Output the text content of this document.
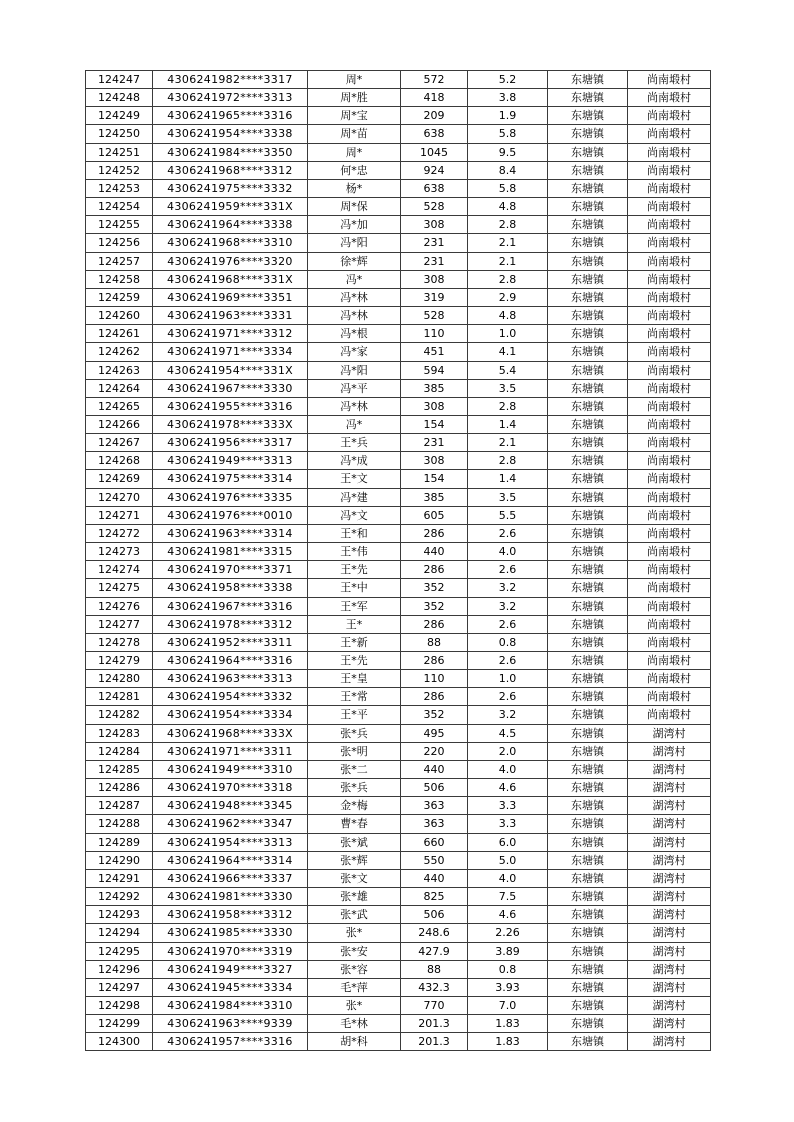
124247	4306241982****3317	周*	572	5.2	东塘镇	尚南塅村
124248	4306241972****3313	周*胜	418	3.8	东塘镇	尚南塅村
124249	4306241965****3316	周*宝	209	1.9	东塘镇	尚南塅村
124250	4306241954****3338	周*苗	638	5.8	东塘镇	尚南塅村
124251	4306241984****3350	周*	1045	9.5	东塘镇	尚南塅村
124252	4306241968****3312	何*忠	924	8.4	东塘镇	尚南塅村
124253	4306241975****3332	杨*	638	5.8	东塘镇	尚南塅村
124254	4306241959****331X	周*保	528	4.8	东塘镇	尚南塅村
124255	4306241964****3338	冯*加	308	2.8	东塘镇	尚南塅村
124256	4306241968****3310	冯*阳	231	2.1	东塘镇	尚南塅村
124257	4306241976****3320	徐*辉	231	2.1	东塘镇	尚南塅村
124258	4306241968****331X	冯*	308	2.8	东塘镇	尚南塅村
124259	4306241969****3351	冯*林	319	2.9	东塘镇	尚南塅村
124260	4306241963****3331	冯*林	528	4.8	东塘镇	尚南塅村
124261	4306241971****3312	冯*根	110	1.0	东塘镇	尚南塅村
124262	4306241971****3334	冯*家	451	4.1	东塘镇	尚南塅村
124263	4306241954****331X	冯*阳	594	5.4	东塘镇	尚南塅村
124264	4306241967****3330	冯*平	385	3.5	东塘镇	尚南塅村
124265	4306241955****3316	冯*林	308	2.8	东塘镇	尚南塅村
124266	4306241978****333X	冯*	154	1.4	东塘镇	尚南塅村
124267	4306241956****3317	王*兵	231	2.1	东塘镇	尚南塅村
124268	4306241949****3313	冯*成	308	2.8	东塘镇	尚南塅村
124269	4306241975****3314	王*文	154	1.4	东塘镇	尚南塅村
124270	4306241976****3335	冯*建	385	3.5	东塘镇	尚南塅村
124271	4306241976****0010	冯*文	605	5.5	东塘镇	尚南塅村
124272	4306241963****3314	王*和	286	2.6	东塘镇	尚南塅村
124273	4306241981****3315	王*伟	440	4.0	东塘镇	尚南塅村
124274	4306241970****3371	王*先	286	2.6	东塘镇	尚南塅村
124275	4306241958****3338	王*中	352	3.2	东塘镇	尚南塅村
124276	4306241967****3316	王*军	352	3.2	东塘镇	尚南塅村
124277	4306241978****3312	王*	286	2.6	东塘镇	尚南塅村
124278	4306241952****3311	王*新	88	0.8	东塘镇	尚南塅村
124279	4306241964****3316	王*先	286	2.6	东塘镇	尚南塅村
124280	4306241963****3313	王*皇	110	1.0	东塘镇	尚南塅村
124281	4306241954****3332	王*常	286	2.6	东塘镇	尚南塅村
124282	4306241954****3334	王*平	352	3.2	东塘镇	尚南塅村
124283	4306241968****333X	张*兵	495	4.5	东塘镇	湖湾村
124284	4306241971****3311	张*明	220	2.0	东塘镇	湖湾村
124285	4306241949****3310	张*二	440	4.0	东塘镇	湖湾村
124286	4306241970****3318	张*兵	506	4.6	东塘镇	湖湾村
124287	4306241948****3345	金*梅	363	3.3	东塘镇	湖湾村
124288	4306241962****3347	曹*春	363	3.3	东塘镇	湖湾村
124289	4306241954****3313	张*斌	660	6.0	东塘镇	湖湾村
124290	4306241964****3314	张*辉	550	5.0	东塘镇	湖湾村
124291	4306241966****3337	张*文	440	4.0	东塘镇	湖湾村
124292	4306241981****3330	张*雄	825	7.5	东塘镇	湖湾村
124293	4306241958****3312	张*武	506	4.6	东塘镇	湖湾村
124294	4306241985****3330	张*	248.6	2.26	东塘镇	湖湾村
124295	4306241970****3319	张*安	427.9	3.89	东塘镇	湖湾村
124296	4306241949****3327	张*容	88	0.8	东塘镇	湖湾村
124297	4306241945****3334	毛*萍	432.3	3.93	东塘镇	湖湾村
124298	4306241984****3310	张*	770	7.0	东塘镇	湖湾村
124299	4306241963****9339	毛*林	201.3	1.83	东塘镇	湖湾村
124300	4306241957****3316	胡*科	201.3	1.83	东塘镇	湖湾村
